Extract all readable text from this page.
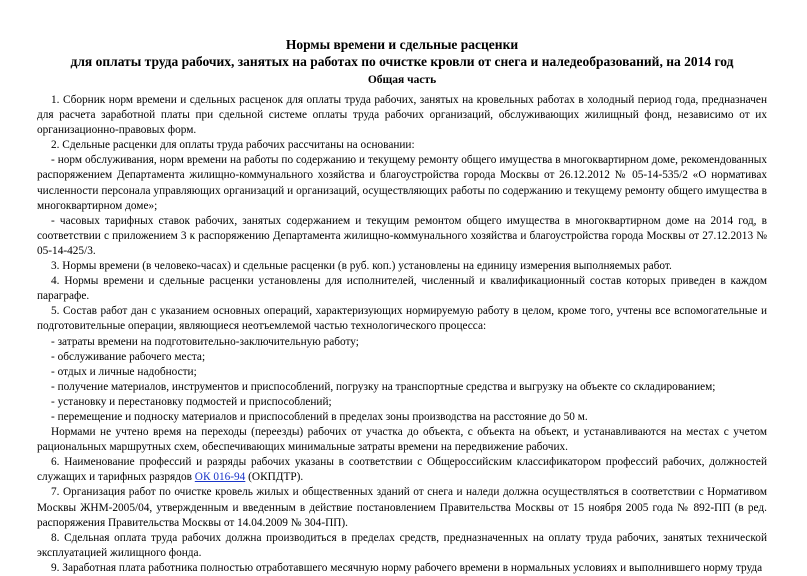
Нормы времени и сдельные расценки
для оплаты труда рабочих, занятых на работах по очистке кровли от снега и наледеобразований, на 2014 год
Общая часть

1. Сборник норм времени и сдельных расценок для оплаты труда рабочих, занятых на кровельных работах в холодный период года, предназначен для расчета заработной платы при сдельной системе оплаты труда рабочих организаций, обслуживающих жилищный фонд, независимо от их организационно-правовых форм.

2. Сдельные расценки для оплаты труда рабочих рассчитаны на основании:

- норм обслуживания, норм времени на работы по содержанию и текущему ремонту общего имущества в многоквартирном доме, рекомендованных распоряжением Департамента жилищно-коммунального хозяйства и благоустройства города Москвы от 26.12.2012 № 05-14-535/2 «О нормативах численности персонала управляющих организаций и организаций, осуществляющих работы по содержанию и текущему ремонту общего имущества в многоквартирном доме»;

- часовых тарифных ставок рабочих, занятых содержанием и текущим ремонтом общего имущества в многоквартирном доме на 2014 год, в соответствии с приложением 3 к распоряжению Департамента жилищно-коммунального хозяйства и благоустройства города Москвы от 27.12.2013 № 05-14-425/3.

3. Нормы времени (в человеко-часах) и сдельные расценки (в руб. коп.) установлены на единицу измерения выполняемых работ.

4. Нормы времени и сдельные расценки установлены для исполнителей, численный и квалификационный состав которых приведен в каждом параграфе.

5. Состав работ дан с указанием основных операций, характеризующих нормируемую работу в целом, кроме того, учтены все вспомогательные и подготовительные операции, являющиеся неотъемлемой частью технологического процесса:

- затраты времени на подготовительно-заключительную работу;

- обслуживание рабочего места;

- отдых и личные надобности;

- получение материалов, инструментов и приспособлений, погрузку на транспортные средства и выгрузку на объекте со складированием;

- установку и перестановку подмостей и приспособлений;

- перемещение и подноску материалов и приспособлений в пределах зоны производства на расстояние до 50 м.

Нормами не учтено время на переходы (переезды) рабочих от участка до объекта, с объекта на объект, и устанавливаются на местах с учетом рациональных маршрутных схем, обеспечивающих минимальные затраты времени на передвижение рабочих.

6. Наименование профессий и разряды рабочих указаны в соответствии с Общероссийским классификатором профессий рабочих, должностей служащих и тарифных разрядов ОК 016-94 (ОКПДТР).

7. Организация работ по очистке кровель жилых и общественных зданий от снега и наледи должна осуществляться в соответствии с Нормативом Москвы ЖНМ-2005/04, утвержденным и введенным в действие постановлением Правительства Москвы от 15 ноября 2005 года № 892-ПП (в ред. распоряжения Правительства Москвы от 14.04.2009 № 304-ПП).

8. Сдельная оплата труда рабочих должна производиться в пределах средств, предназначенных на оплату труда рабочих, занятых технической эксплуатацией жилищного фонда.

9. Заработная плата работника полностью отработавшего месячную норму рабочего времени в нормальных условиях и выполнившего норму труда
